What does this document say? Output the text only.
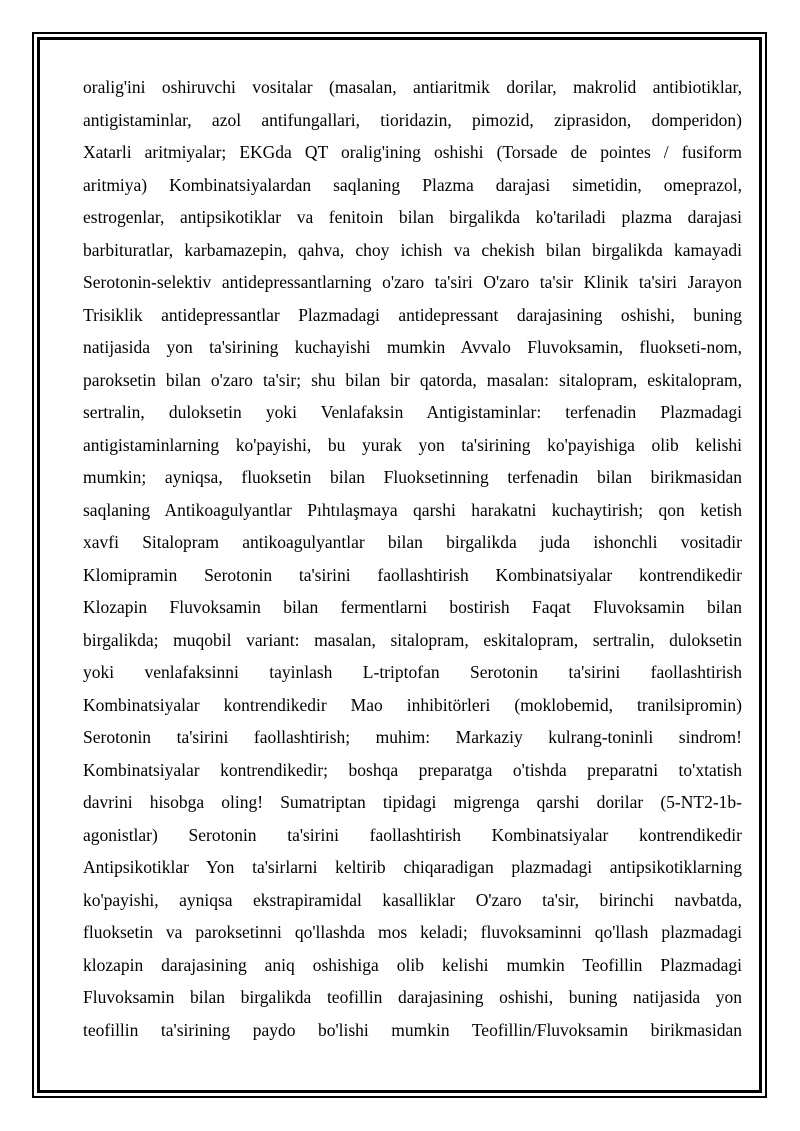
oralig'ini oshiruvchi vositalar (masalan, antiaritmik dorilar, makrolid antibiotiklar,
antigistaminlar, azol antifungallari, tioridazin, pimozid, ziprasidon, domperidon)
Xatarli aritmiyalar; EKGda QT oralig'ining oshishi (Torsade de pointes / fusiform
aritmiya) Kombinatsiyalardan saqlaning Plazma darajasi simetidin, omeprazol,
estrogenlar, antipsikotiklar va fenitoin bilan birgalikda ko'tariladi plazma darajasi
barbituratlar, karbamazepin, qahva, choy ichish va chekish bilan birgalikda kamayadi
Serotonin-selektiv antidepressantlarning o'zaro ta'siri O'zaro ta'sir Klinik ta'siri Jarayon
Trisiklik antidepressantlar Plazmadagi antidepressant darajasining oshishi, buning
natijasida yon ta'sirining kuchayishi mumkin Avvalo Fluvoksamin, fluokseti-nom,
paroksetin bilan o'zaro ta'sir; shu bilan bir qatorda, masalan: sitalopram, eskitalopram,
sertralin, duloksetin yoki Venlafaksin Antigistaminlar: terfenadin Plazmadagi
antigistaminlarning ko'payishi, bu yurak yon ta'sirining ko'payishiga olib kelishi
mumkin; ayniqsa, fluoksetin bilan Fluoksetinning terfenadin bilan birikmasidan
saqlaning Antikoagulyantlar Pıhtılaşmaya qarshi harakatni kuchaytirish; qon ketish
xavfi Sitalopram antikoagulyantlar bilan birgalikda juda ishonchli vositadir
Klomipramin Serotonin ta'sirini faollashtirish Kombinatsiyalar kontrendikedir
Klozapin Fluvoksamin bilan fermentlarni bostirish Faqat Fluvoksamin bilan
birgalikda; muqobil variant: masalan, sitalopram, eskitalopram, sertralin, duloksetin
yoki venlafaksinni tayinlash L-triptofan Serotonin ta'sirini faollashtirish
Kombinatsiyalar kontrendikedir Mao inhibitörleri (moklobemid, tranilsipromin)
Serotonin ta'sirini faollashtirish; muhim: Markaziy kulrang-toninli sindrom!
Kombinatsiyalar kontrendikedir; boshqa preparatga o'tishda preparatni to'xtatish
davrini hisobga oling! Sumatriptan tipidagi migrenga qarshi dorilar (5-NT2-1b-
agonistlar) Serotonin ta'sirini faollashtirish Kombinatsiyalar kontrendikedir
Antipsikotiklar Yon ta'sirlarni keltirib chiqaradigan plazmadagi antipsikotiklarning
ko'payishi, ayniqsa ekstrapiramidal kasalliklar O'zaro ta'sir, birinchi navbatda,
fluoksetin va paroksetinni qo'llashda mos keladi; fluvoksaminni qo'llash plazmadagi
klozapin darajasining aniq oshishiga olib kelishi mumkin Teofillin Plazmadagi
Fluvoksamin bilan birgalikda teofillin darajasining oshishi, buning natijasida yon
teofillin ta'sirining paydo bo'lishi mumkin Teofillin/Fluvoksamin birikmasidan
